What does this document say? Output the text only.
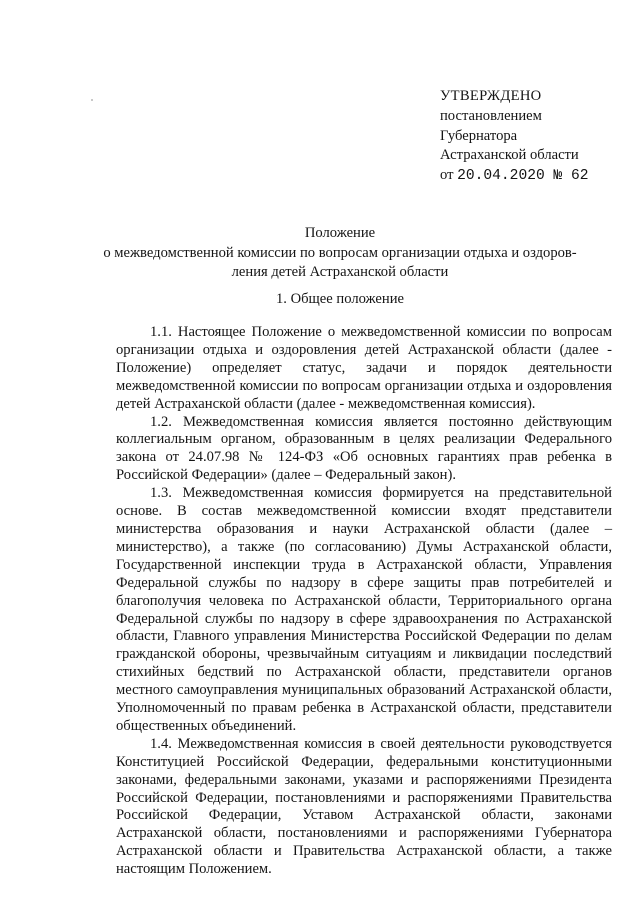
УТВЕРЖДЕНО
постановлением
Губернатора
Астраханской области
от 20.04.2020 № 62
Положение
о межведомственной комиссии по вопросам организации отдыха и оздоров-
ления детей Астраханской области
1. Общее положение

1.1. Настоящее Положение о межведомственной комиссии по вопросам организации отдыха и оздоровления детей Астраханской области (далее - Положение) определяет статус, задачи и порядок деятельности межведомственной комиссии по вопросам организации отдыха и оздоровления детей Астраханской области (далее - межведомственная комиссия).

1.2. Межведомственная комиссия является постоянно действующим коллегиальным органом, образованным в целях реализации Федерального закона от 24.07.98 № 124-ФЗ «Об основных гарантиях прав ребенка в Российской Федерации» (далее – Федеральный закон).

1.3. Межведомственная комиссия формируется на представительной основе. В состав межведомственной комиссии входят представители министерства образования и науки Астраханской области (далее – министерство), а также (по согласованию) Думы Астраханской области, Государственной инспекции труда в Астраханской области, Управления Федеральной службы по надзору в сфере защиты прав потребителей и благополучия человека по Астраханской области, Территориального органа Федеральной службы по надзору в сфере здравоохранения по Астраханской области, Главного управления Министерства Российской Федерации по делам гражданской обороны, чрезвычайным ситуациям и ликвидации последствий стихийных бедствий по Астраханской области, представители органов местного самоуправления муниципальных образований Астраханской области, Уполномоченный по правам ребенка в Астраханской области, представители общественных объединений.

1.4. Межведомственная комиссия в своей деятельности руководствуется Конституцией Российской Федерации, федеральными конституционными законами, федеральными законами, указами и распоряжениями Президента Российской Федерации, постановлениями и распоряжениями Правительства Российской Федерации, Уставом Астраханской области, законами Астраханской области, постановлениями и распоряжениями Губернатора Астраханской области и Правительства Астраханской области, а также настоящим Положением.
